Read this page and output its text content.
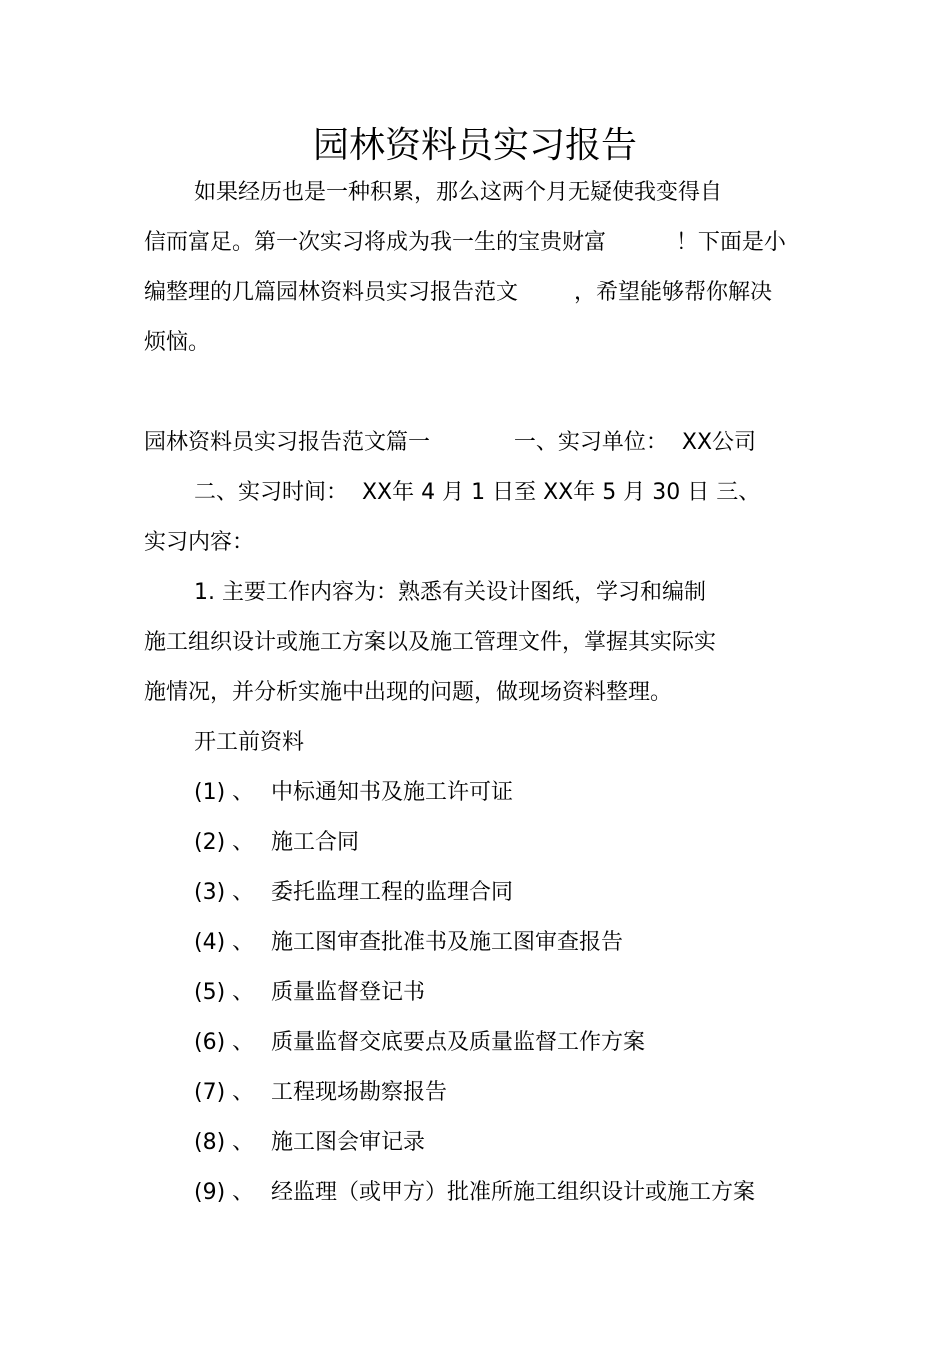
园林资料员实习报告
如果经历也是一种积累，那么这两个月无疑使我变得自
信而富足。第一次实习将成为我一生的宝贵财富          ！下面是小
编整理的几篇园林资料员实习报告范文        ，希望能够帮你解决
烦恼。
园林资料员实习报告范文篇一            一、实习单位：  XX公司
二、实习时间：  XX年 4 月 1 日至 XX年 5 月 30 日 三、
实习内容：
1. 主要工作内容为：熟悉有关设计图纸，学习和编制
施工组织设计或施工方案以及施工管理文件，掌握其实际实
施情况，并分析实施中出现的问题，做现场资料整理。
开工前资料
(1) 、 中标通知书及施工许可证
(2) 、 施工合同
(3) 、 委托监理工程的监理合同
(4) 、 施工图审查批准书及施工图审查报告
(5) 、 质量监督登记书
(6) 、 质量监督交底要点及质量监督工作方案
(7) 、 工程现场勘察报告
(8) 、 施工图会审记录
(9) 、 经监理（或甲方）批准所施工组织设计或施工方案
